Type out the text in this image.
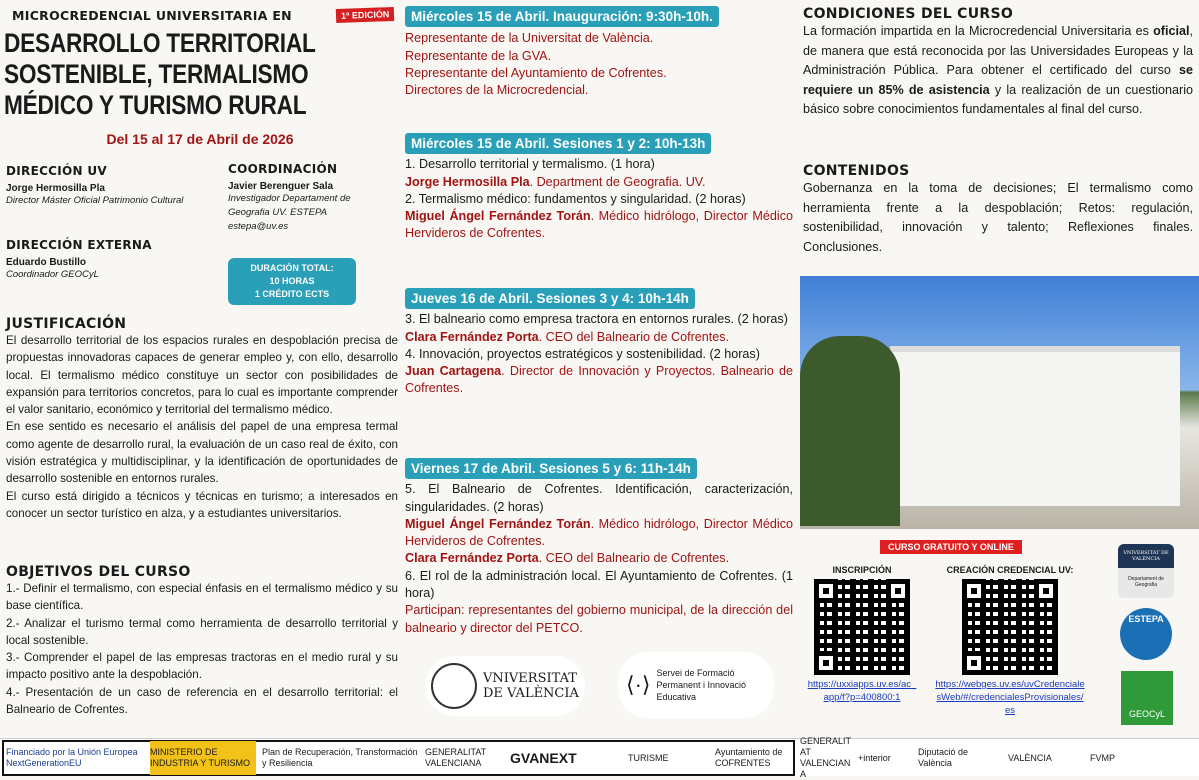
MICROCREDENCIAL UNIVERSITARIA EN	1ª EDICIÓN
DESARROLLO TERRITORIAL SOSTENIBLE, TERMALISMO MÉDICO Y TURISMO RURAL
Del 15 al 17 de Abril de 2026
DIRECCIÓN UV
Jorge Hermosilla Pla
Director Máster Oficial Patrimonio Cultural
COORDINACIÓN
Javier Berenguer Sala
Investigador Departament de Geografia UV. ESTEPA
estepa@uv.es
DIRECCIÓN EXTERNA
Eduardo Bustillo
Coordinador GEOCyL
DURACIÓN TOTAL:
10 HORAS
1 CRÉDITO ECTS
JUSTIFICACIÓN

El desarrollo territorial de los espacios rurales en despoblación precisa de propuestas innovadoras capaces de generar empleo y, con ello, desarrollo local. El termalismo médico constituye un sector con posibilidades de expansión para territorios concretos, para lo cual es importante comprender el valor sanitario, económico y territorial del termalismo médico.

En ese sentido es necesario el análisis del papel de una empresa termal como agente de desarrollo rural, la evaluación de un caso real de éxito, con visión estratégica y multidisciplinar, y la identificación de oportunidades de desarrollo sostenible en entornos rurales.

El curso está dirigido a técnicos y técnicas en turismo; a interesados en conocer un sector turístico en alza, y a estudiantes universitarios.

OBJETIVOS DEL CURSO

1.- Definir el termalismo, con especial énfasis en el termalismo médico y su base científica.

2.- Analizar el turismo termal como herramienta de desarrollo territorial y local sostenible.

3.- Comprender el papel de las empresas tractoras en el medio rural y su impacto positivo ante la despoblación.

4.- Presentación de un caso de referencia en el desarrollo territorial: el Balneario de Cofrentes.

Miércoles 15 de Abril. Inauguración: 9:30h-10h.
Representante de la Universitat de València.
Representante de la GVA.
Representante del Ayuntamiento de Cofrentes.
Directores de la Microcredencial.
Miércoles 15 de Abril. Sesiones 1 y 2: 10h-13h
1. Desarrollo territorial y termalismo. (1 hora)
Jorge Hermosilla Pla. Department de Geografia. UV.
2. Termalismo médico: fundamentos y singularidad. (2 horas)
Miguel Ángel Fernández Torán. Médico hidrólogo, Director Médico Hervideros de Cofrentes.
Jueves 16 de Abril. Sesiones 3 y 4: 10h-14h
3. El balneario como empresa tractora en entornos rurales. (2 horas)
Clara Fernández Porta. CEO del Balneario de Cofrentes.
4. Innovación, proyectos estratégicos y sostenibilidad. (2 horas)
Juan Cartagena. Director de Innovación y Proyectos. Balneario de Cofrentes.
Viernes 17 de Abril. Sesiones 5 y 6: 11h-14h
5. El Balneario de Cofrentes. Identificación, caracterización, singularidades. (2 horas)
Miguel Ángel Fernández Torán. Médico hidrólogo, Director Médico Hervideros de Cofrentes.
Clara Fernández Porta. CEO del Balneario de Cofrentes.
6. El rol de la administración local. El Ayuntamiento de Cofrentes. (1 hora)
Participan: representantes del gobierno municipal, de la dirección del balneario y director del PETCO.
VNIVERSITAT DE VALÈNCIA ⟨·⟩ Servei de Formació Permanent i Innovació Educativa
CONDICIONES DEL CURSO

La formación impartida en la Microcredencial Universitaria es oficial, de manera que está reconocida por las Universidades Europeas y la Administración Pública. Para obtener el certificado del curso se requiere un 85% de asistencia y la realización de un cuestionario básico sobre conocimientos fundamentales al final del curso.

CONTENIDOS

Gobernanza en la toma de decisiones; El termalismo como herramienta frente a la despoblación; Retos: regulación, sostenibilidad, innovación y talento; Reflexiones finales. Conclusiones.

CURSO GRATUITO Y ONLINE
INSCRIPCIÓN
https://uxxiapps.uv.es/ac_app/f?p=400800:1
CREACIÓN CREDENCIAL UV:
https://webges.uv.es/uvCredencialesWeb/#/credencialesProvisionales/es
VNIVERSITAT DE VALÈNCIA
Departament de Geografia
ESTEPA
GEOCyL
Financiado por la Unión Europea NextGenerationEU
MINISTERIO DE INDUSTRIA Y TURISMO
Plan de Recuperación, Transformación y Resiliencia
GENERALITAT VALENCIANA	GVANEXT	TURISME
Ayuntamiento de COFRENTES
GENERALITAT VALENCIANA
+interior
Diputació de València
VALÈNCIA	FVMP
